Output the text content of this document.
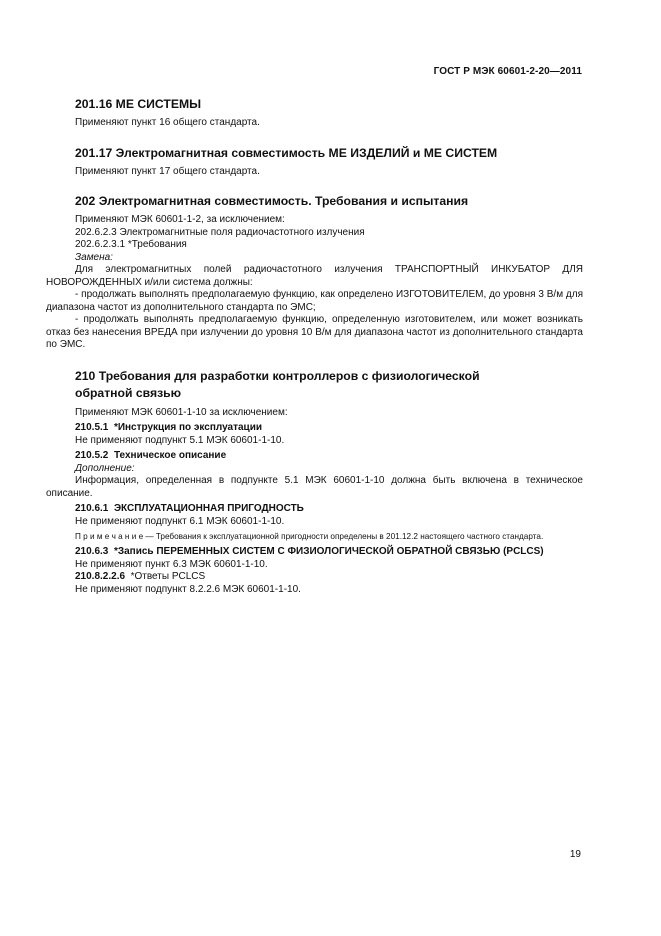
ГОСТ Р МЭК 60601-2-20—2011
201.16 МЕ СИСТЕМЫ

Применяют пункт 16 общего стандарта.

201.17 Электромагнитная совместимость МЕ ИЗДЕЛИЙ и МЕ СИСТЕМ

Применяют пункт 17 общего стандарта.

202 Электромагнитная совместимость. Требования и испытания

Применяют МЭК 60601-1-2, за исключением:

202.6.2.3 Электромагнитные поля радиочастотного излучения

202.6.2.3.1 *Требования

Замена:

Для электромагнитных полей радиочастотного излучения ТРАНСПОРТНЫЙ ИНКУБАТОР ДЛЯ НОВОРОЖДЕННЫХ и/или система должны:

- продолжать выполнять предполагаемую функцию, как определено ИЗГОТОВИТЕЛЕМ, до уровня 3 В/м для диапазона частот из дополнительного стандарта по ЭМС;

- продолжать выполнять предполагаемую функцию, определенную изготовителем, или может возникать отказ без нанесения ВРЕДА при излучении до уровня 10 В/м для диапазона частот из дополнительного стандарта по ЭМС.

210 Требования для разработки контроллеров с физиологической
обратной связью

Применяют МЭК 60601-1-10 за исключением:

210.5.1 *Инструкция по эксплуатации

Не применяют подпункт 5.1 МЭК 60601-1-10.

210.5.2 Техническое описание

Дополнение:

Информация, определенная в подпункте 5.1 МЭК 60601-1-10 должна быть включена в техническое описание.

210.6.1 ЭКСПЛУАТАЦИОННАЯ ПРИГОДНОСТЬ

Не применяют подпункт 6.1 МЭК 60601-1-10.

П р и м е ч а н и е — Требования к эксплуатационной пригодности определены в 201.12.2 настоящего частного стандарта.

210.6.3 *Запись ПЕРЕМЕННЫХ СИСТЕМ С ФИЗИОЛОГИЧЕСКОЙ ОБРАТНОЙ СВЯЗЬЮ (PCLCS)

Не применяют пункт 6.3 МЭК 60601-1-10.

210.8.2.2.6 *Ответы PCLCS

Не применяют подпункт 8.2.2.6 МЭК 60601-1-10.

19
